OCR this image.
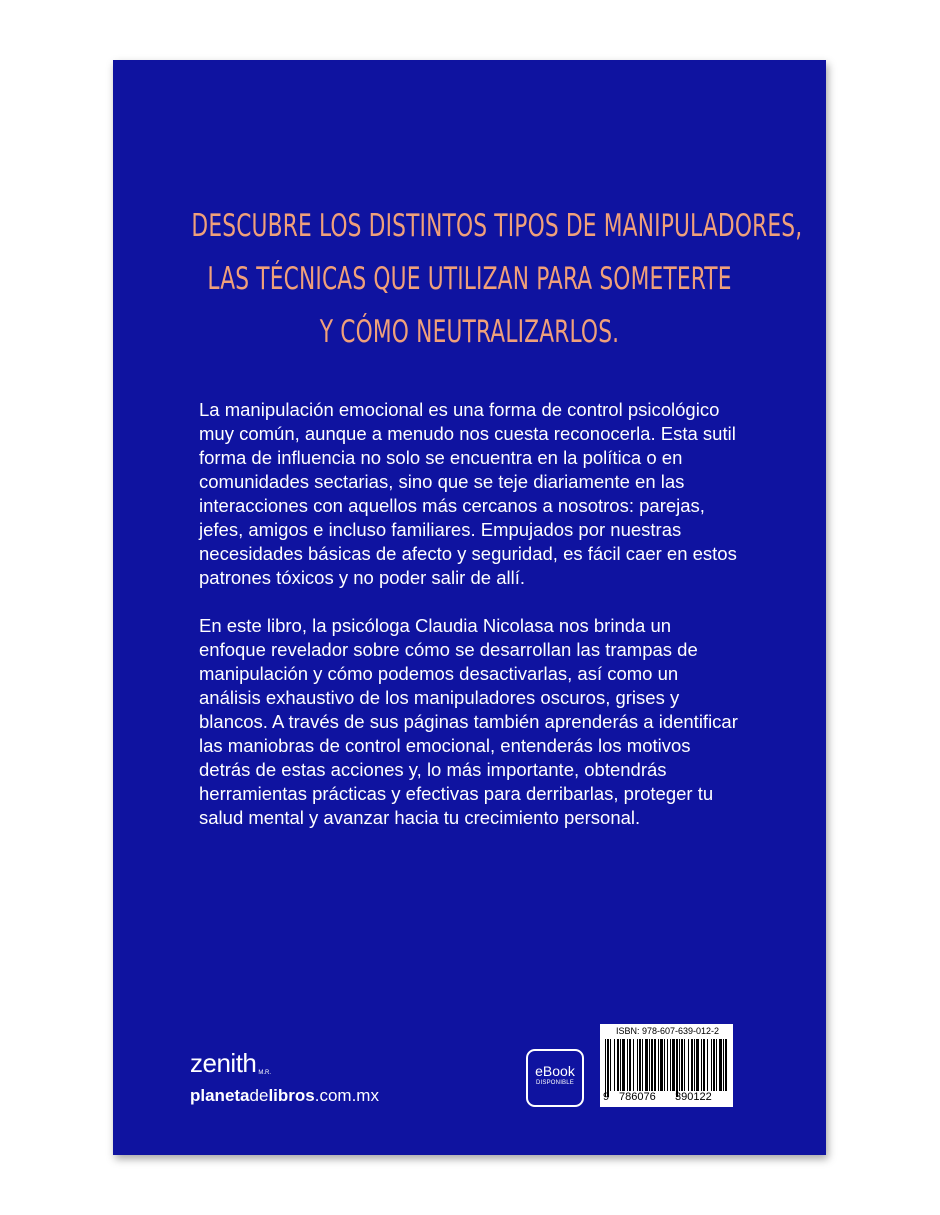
DESCUBRE LOS DISTINTOS TIPOS DE MANIPULADORES,
LAS TÉCNICAS QUE UTILIZAN PARA SOMETERTE
Y CÓMO NEUTRALIZARLOS.

La manipulación emocional es una forma de control psicológico muy común, aunque a menudo nos cuesta reconocerla. Esta sutil forma de influencia no solo se encuentra en la política o en comunidades sectarias, sino que se teje diariamente en las interacciones con aquellos más cercanos a nosotros: parejas, jefes, amigos e incluso familiares. Empujados por nuestras necesidades básicas de afecto y seguridad, es fácil caer en estos patrones tóxicos y no poder salir de allí.

En este libro, la psicóloga Claudia Nicolasa nos brinda un enfoque revelador sobre cómo se desarrollan las trampas de manipulación y cómo podemos desactivarlas, así como un análisis exhaustivo de los manipuladores oscuros, grises y blancos. A través de sus páginas también aprenderás a identificar las maniobras de control emocional, entenderás los motivos detrás de estas acciones y, lo más importante, obtendrás herramientas prácticas y efectivas para derribarlas, proteger tu salud mental y avanzar hacia tu crecimiento personal.

zenith $^{M.R.}$
planetadelibros.com.mx
eBook
DISPONIBLE
ISBN: 978-607-639-012-2
9 786076 390122
